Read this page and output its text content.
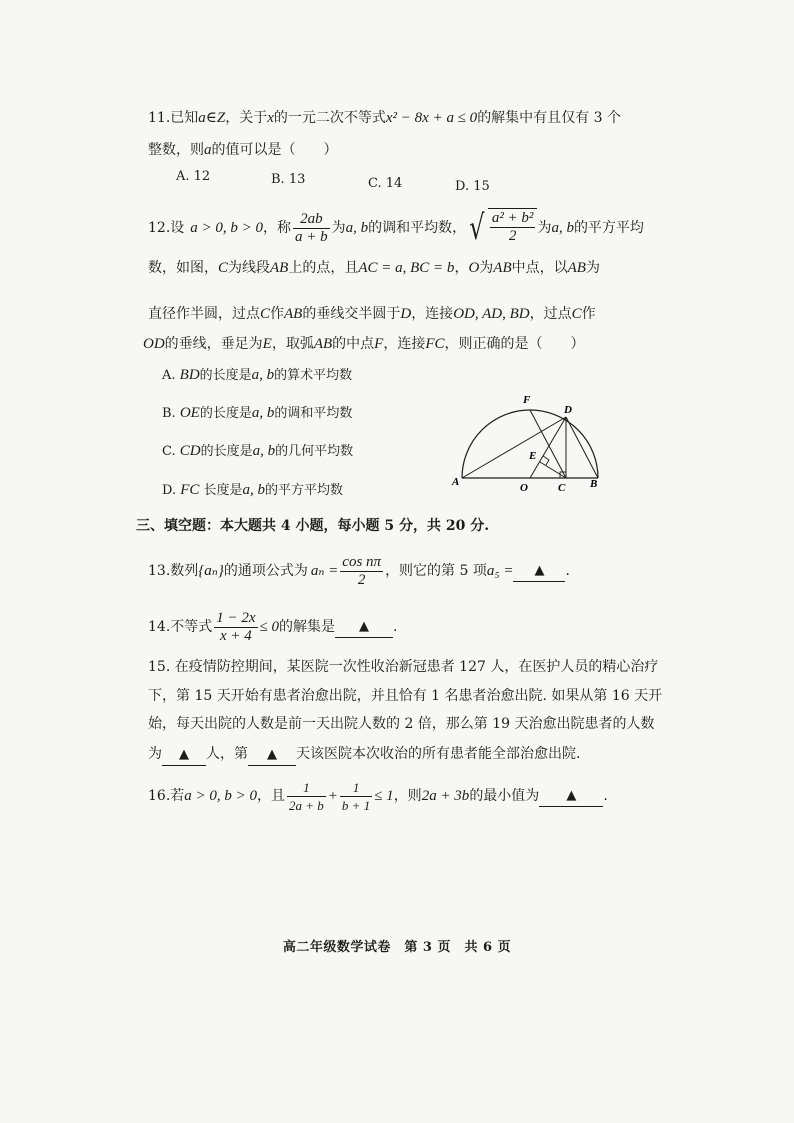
11.已知a∈Z，关于x的一元二次不等式x² − 8x + a ≤ 0的解集中有且仅有 3 个
整数，则a的值可以是（　　）
A. 12	B. 13	C. 14	D. 15
12. 设 a > 0, b > 0 ，称 $\frac{2ab}{a + b}$ 为 a, b 的调和平均数， √ $\frac{\text{a² + b²}}{2}$ 为 a, b 的平方平均
数，如图，C为线段AB上的点，且AC = a, BC = b，O为AB中点，以AB为
直径作半圆，过点C作AB的垂线交半圆于D，连接OD, AD, BD，过点C作
OD的垂线，垂足为E，取弧AB的中点F，连接FC，则正确的是（　　）
A. BD的长度是a, b的算术平均数
B. OE的长度是a, b的调和平均数
C. CD的长度是a, b的几何平均数
D. FC 长度是a, b的平方平均数
F
D
E
A	O	C B
三、填空题：本大题共 4 小题，每小题 5 分，共 20 分.
13. 数列 {aₙ} 的通项公式为 $a_n = \frac{\text{cos nπ}}{2}$ ，则它的第 5 项 a₅ =	▲	.
14. 不等式 $\frac{1 - 2x}{x + 4} \le 0$ 的解集是	▲	.
15. 在疫情防控期间，某医院一次性收治新冠患者 127 人，在医护人员的精心治疗
下，第 15 天开始有患者治愈出院，并且恰有 1 名患者治愈出院. 如果从第 16 天开
始，每天出院的人数是前一天出院人数的 2 倍，那么第 19 天治愈出院患者的人数
为 ▲ 人，第 ▲ 天该医院本次收治的所有患者能全部治愈出院.
16. 若 a > 0, b > 0 ，且 $\frac{1}{2a + b} + \frac{1}{b + 1} \le 1$ ，则 2a + 3b 的最小值为	▲	.
高二年级数学试卷　第 3 页　共 6 页
